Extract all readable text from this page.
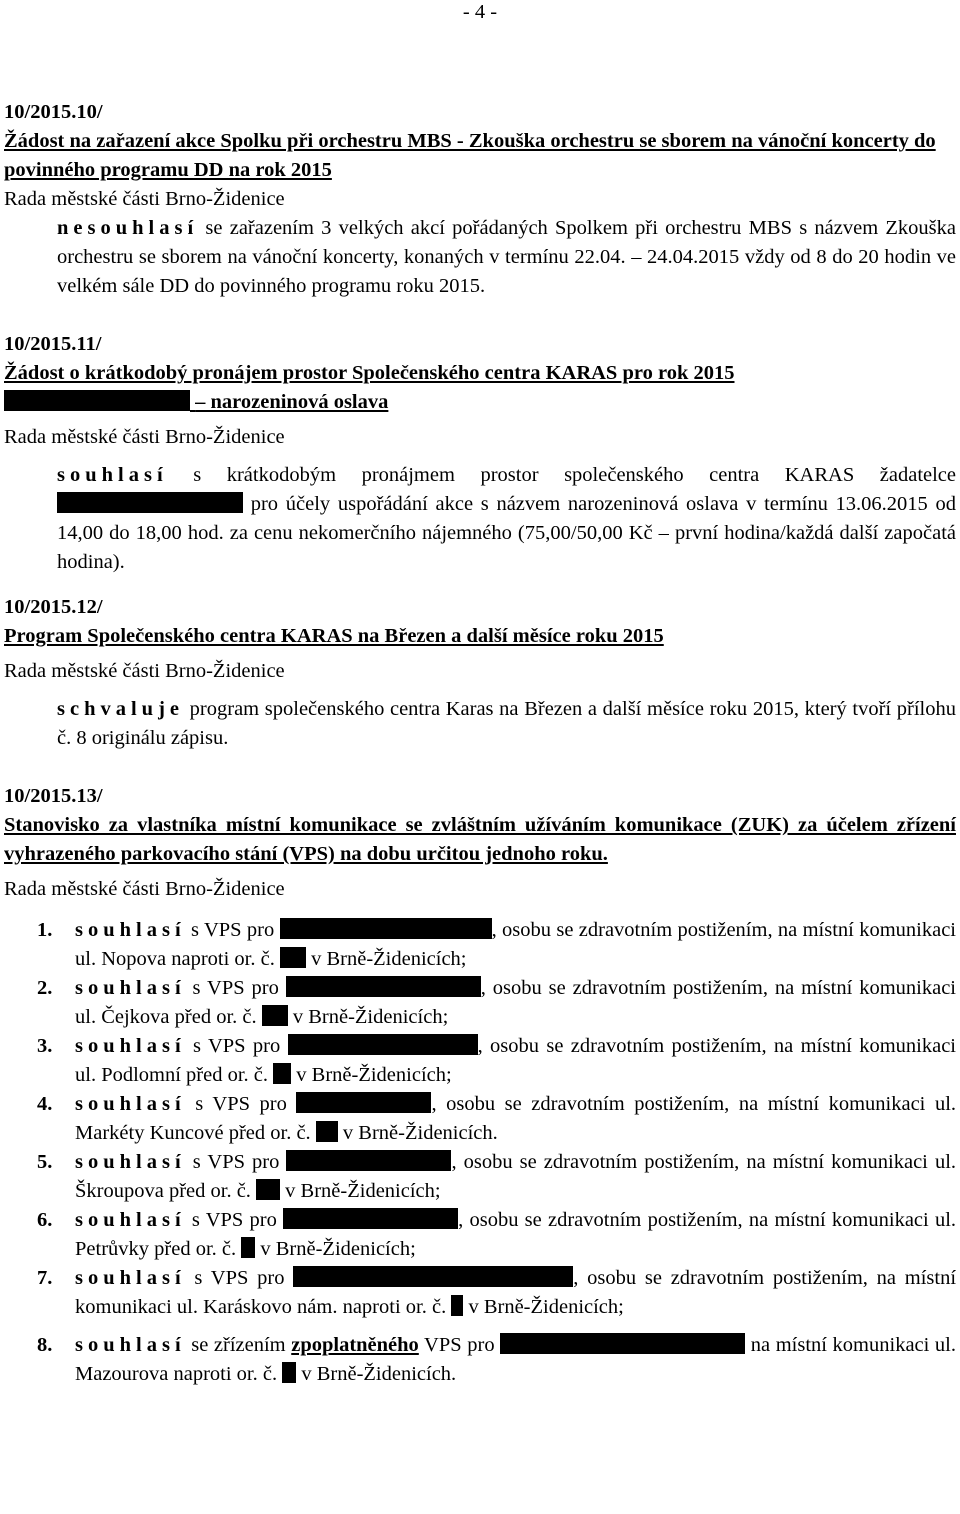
- 4 -
10/2015.10/
Žádost na zařazení akce Spolku při orchestru MBS - Zkouška orchestru se sborem na vánoční koncerty do povinného programu DD na rok 2015
Rada městské části Brno-Židenice
nesouhlasí se zařazením 3 velkých akcí pořádaných Spolkem při orchestru MBS s názvem Zkouška orchestru se sborem na vánoční koncerty, konaných v termínu 22.04. – 24.04.2015 vždy od 8 do 20 hodin ve velkém sále DD do povinného programu roku 2015.
10/2015.11/
Žádost o krátkodobý pronájem prostor Společenského centra KARAS pro rok 2015
– narozeninová oslava
Rada městské části Brno-Židenice
souhlasí s krátkodobým pronájmem prostor společenského centra KARAS žadatelce  pro účely uspořádání akce s názvem narozeninová oslava v termínu 13.06.2015 od 14,00 do 18,00 hod. za cenu nekomerčního nájemného (75,00/50,00 Kč – první hodina/každá další započatá hodina).
10/2015.12/
Program Společenského centra KARAS na Březen a další měsíce roku 2015
Rada městské části Brno-Židenice
schvaluje program společenského centra Karas na Březen a další měsíce roku 2015, který tvoří přílohu č. 8 originálu zápisu.
10/2015.13/
Stanovisko za vlastníka místní komunikace se zvláštním užíváním komunikace (ZUK) za účelem zřízení vyhrazeného parkovacího stání (VPS) na dobu určitou jednoho roku.
Rada městské části Brno-Židenice
1. souhlasí s VPS pro	, osobu se zdravotním postižením, na místní komunikaci ul. Nopova naproti or. č. v Brně-Židenicích;
2. souhlasí s VPS pro	, osobu se zdravotním postižením, na místní komunikaci ul. Čejkova před or. č. v Brně-Židenicích;
3. souhlasí s VPS pro	, osobu se zdravotním postižením, na místní komunikaci ul. Podlomní před or. č. v Brně-Židenicích;
4. souhlasí s VPS pro	, osobu se zdravotním postižením, na místní komunikaci ul. Markéty Kuncové před or. č. v Brně-Židenicích.
5. souhlasí s VPS pro	, osobu se zdravotním postižením, na místní komunikaci ul. Škroupova před or. č. v Brně-Židenicích;
6. souhlasí s VPS pro	, osobu se zdravotním postižením, na místní komunikaci ul. Petrůvky před or. č. v Brně-Židenicích;
7. souhlasí s VPS pro	, osobu se zdravotním postižením, na místní komunikaci ul. Karáskovo nám. naproti or. č. v Brně-Židenicích;
8. souhlasí se zřízením zpoplatněného VPS pro	na místní komunikaci ul. Mazourova naproti or. č. v Brně-Židenicích.
